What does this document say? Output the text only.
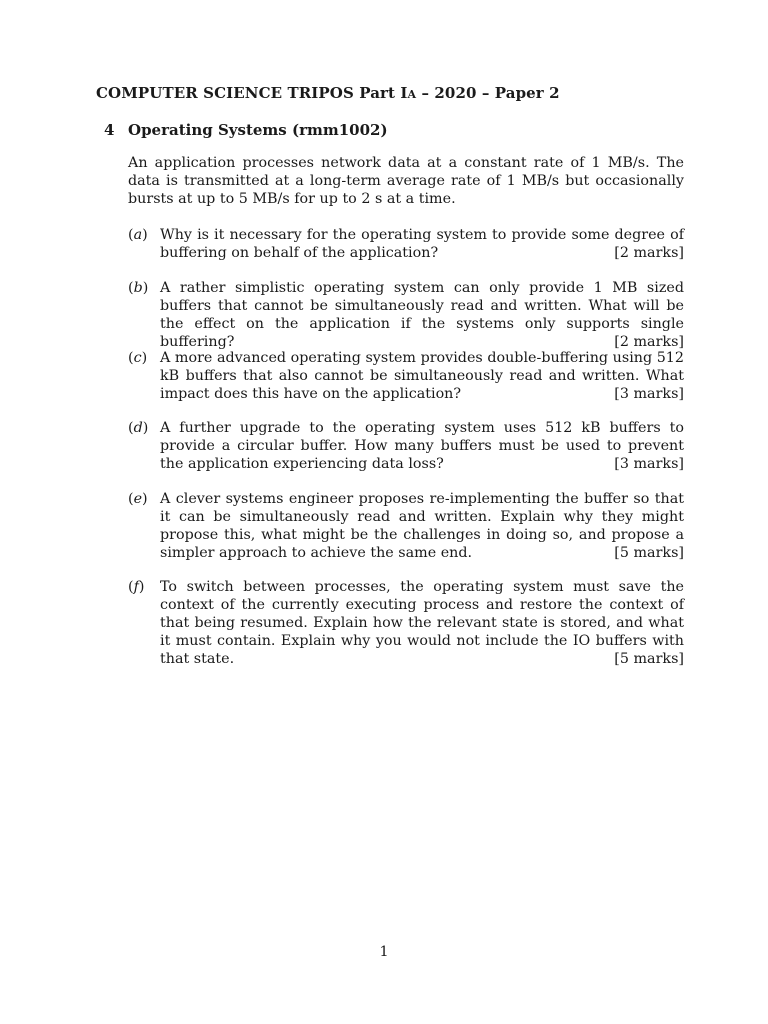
COMPUTER SCIENCE TRIPOS Part Ia – 2020 – Paper 2
4 Operating Systems (rmm1002)
An application processes network data at a constant rate of 1 MB/s. The data is transmitted at a long-term average rate of 1 MB/s but occasionally bursts at up to 5 MB/s for up to 2 s at a time.
(a) Why is it necessary for the operating system to provide some degree of buffering on behalf of the application?	[2 marks]
(b) A rather simplistic operating system can only provide 1 MB sized buffers that cannot be simultaneously read and written. What will be the effect on the application if the systems only supports single buffering?	[2 marks]
(c) A more advanced operating system provides double-buffering using 512 kB buffers that also cannot be simultaneously read and written. What impact does this have on the application?	[3 marks]
(d) A further upgrade to the operating system uses 512 kB buffers to provide a circular buffer. How many buffers must be used to prevent the application experiencing data loss?	[3 marks]
(e) A clever systems engineer proposes re-implementing the buffer so that it can be simultaneously read and written. Explain why they might propose this, what might be the challenges in doing so, and propose a simpler approach to achieve the same end.	[5 marks]
(f)	To switch between processes, the operating system must save the context of the currently executing process and restore the context of that being resumed. Explain how the relevant state is stored, and what it must contain. Explain why you would not include the IO buffers with that state.	[5 marks]
1
